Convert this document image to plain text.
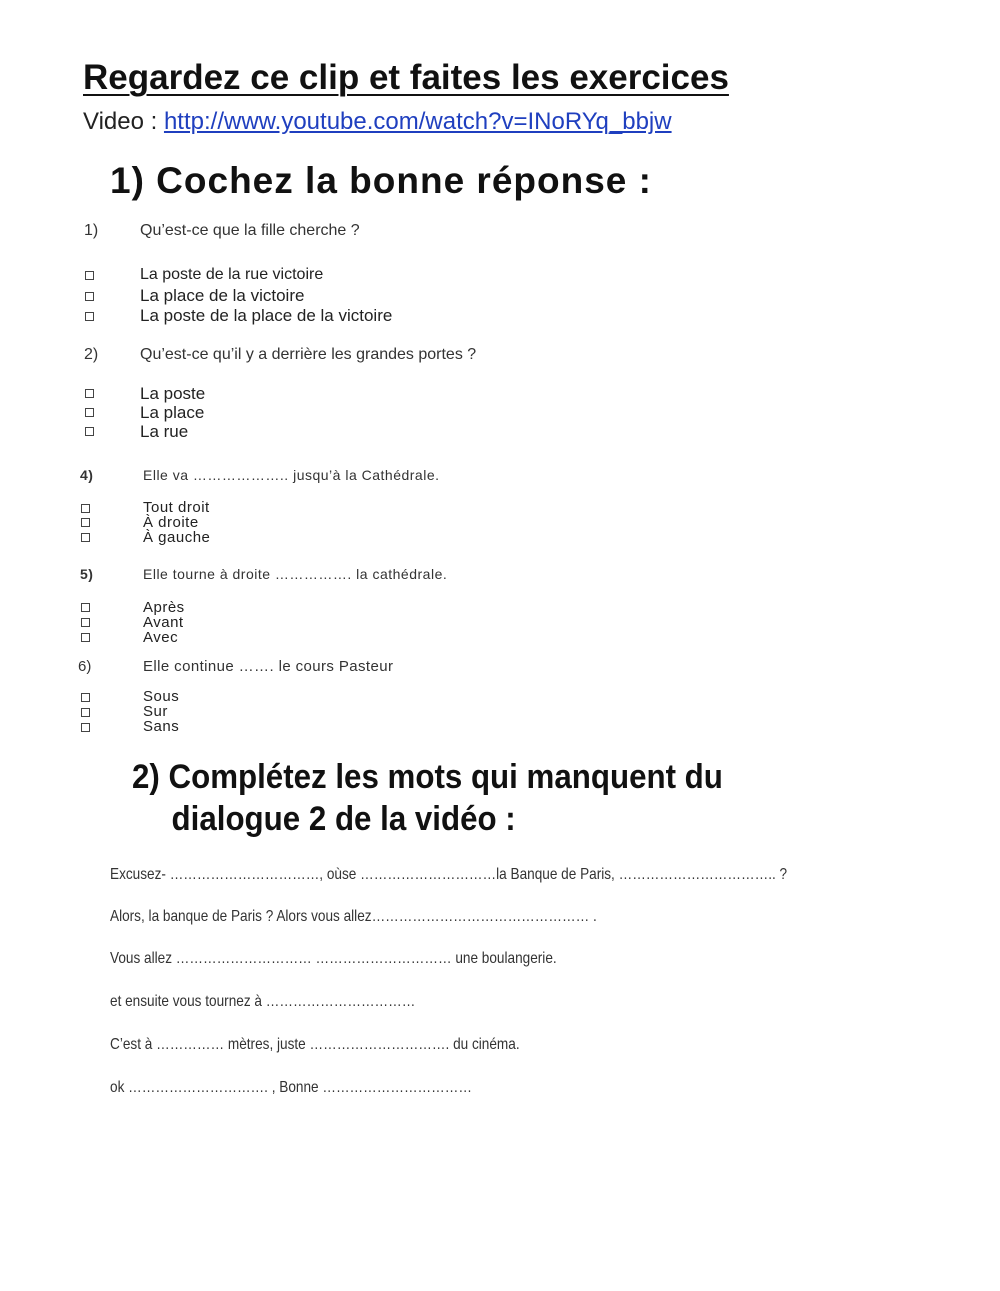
Regardez ce clip et faites les exercices
Video : http://www.youtube.com/watch?v=INoRYq_bbjw
1) Cochez la bonne réponse :
1)	Qu’est-ce que la fille cherche ?
La poste de la rue victoire
La place de la victoire
La poste de la place de la victoire
2)	Qu’est-ce qu’il y a derrière les grandes portes ?
La poste
La place
La rue
4)	Elle va ……………….. jusqu’à la Cathédrale.
Tout droit
À droite
À gauche
5)	Elle tourne à droite ……………. la cathédrale.
Après
Avant
Avec
6)	Elle continue ……. le cours Pasteur
Sous
Sur
Sans
2) Complétez les mots qui manquent du
dialogue 2 de la vidéo :
Excusez- ……………………………, oùse …………………………la Banque de Paris, …………………………….. ?
Alors, la banque de Paris ? Alors vous allez………………………………………… .
Vous allez ………………………… ………………………… une boulangerie.
et ensuite vous tournez à ……………………………
C’est à …………… mètres, juste …………………………. du cinéma.
ok …………………………. , Bonne ……………………………
